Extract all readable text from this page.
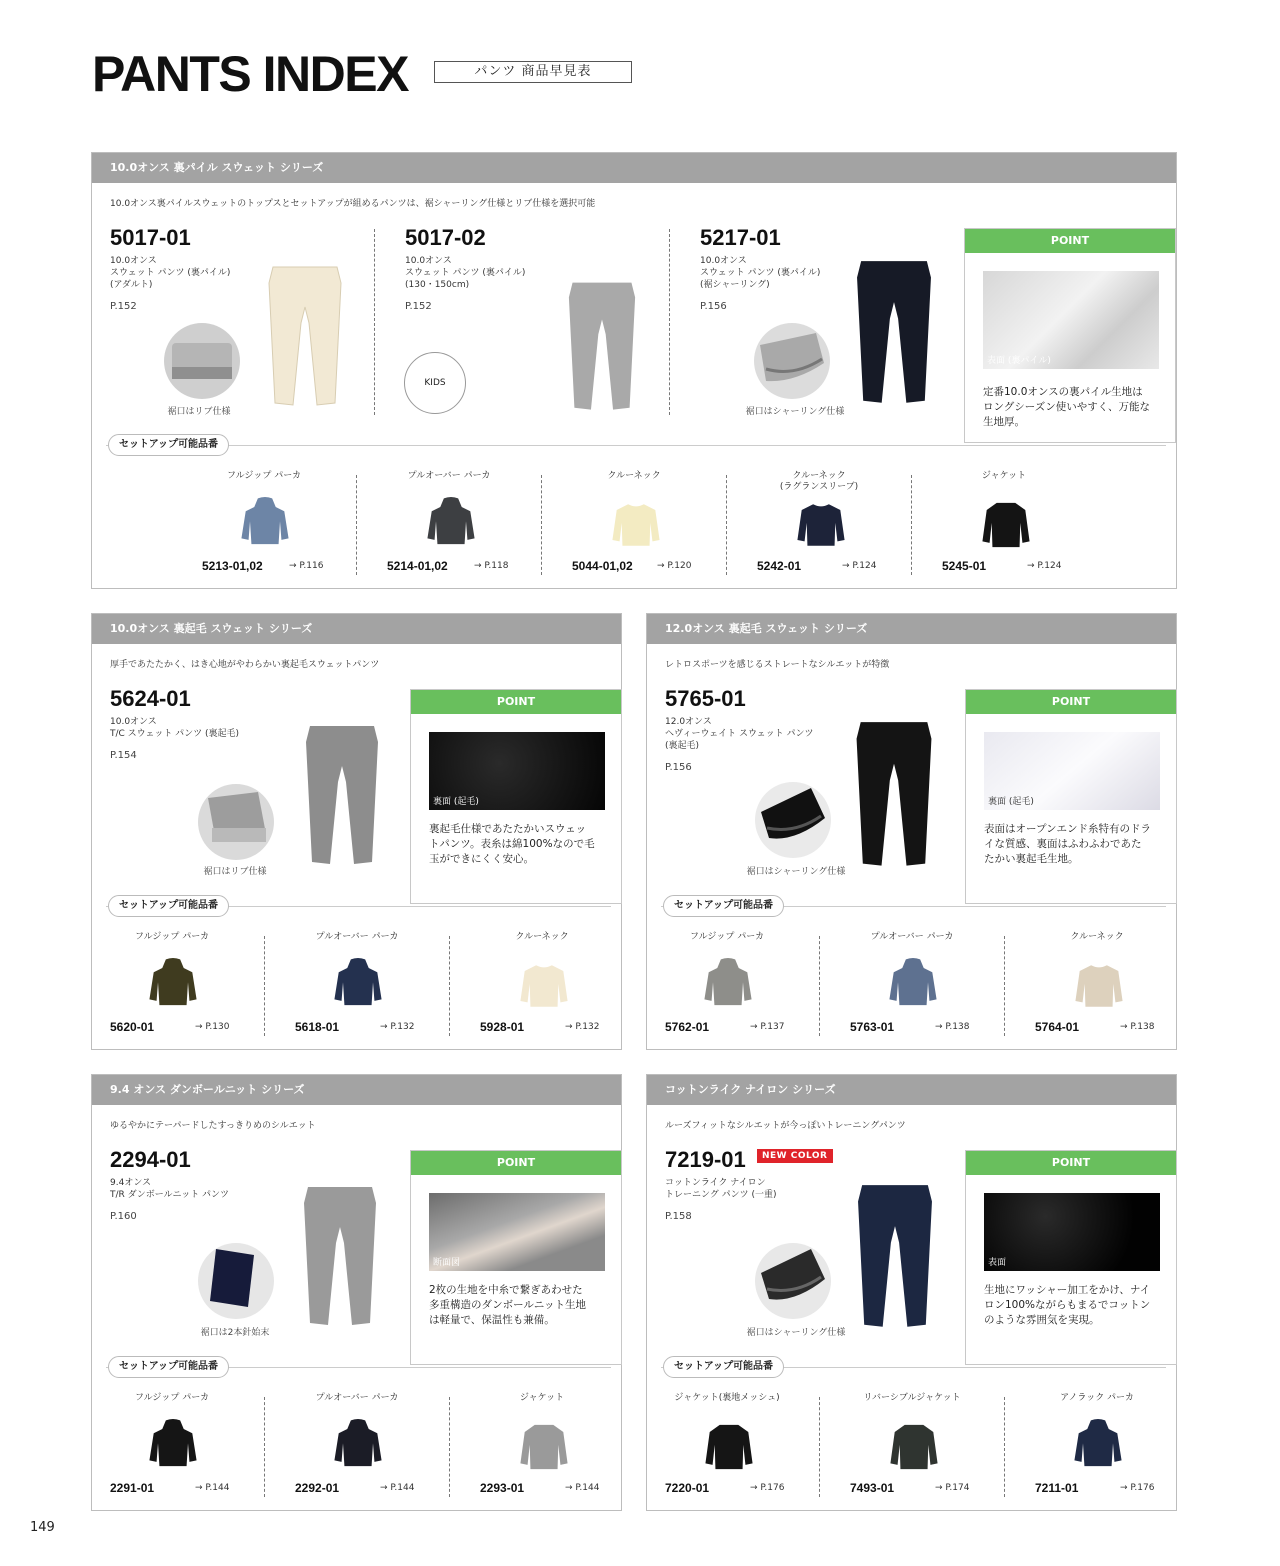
PANTS INDEX	パンツ 商品早見表
10.0オンス 裏パイル スウェット シリーズ
10.0オンス裏パイルスウェットのトップスとセットアップが組めるパンツは、裾シャーリング仕様とリブ仕様を選択可能
5017-01
10.0オンス
スウェット パンツ (裏パイル)
(アダルト)
P.152
裾口はリブ仕様
5017-02
10.0オンス
スウェット パンツ (裏パイル)
(130・150cm)
P.152
KIDS
5217-01
10.0オンス
スウェット パンツ (裏パイル)
(裾シャーリング)
P.156
裾口はシャーリング仕様
POINT
表面 (裏パイル)
定番10.0オンスの裏パイル生地は
ロングシーズン使いやすく、万能な
生地厚。
セットアップ可能品番
フルジップ パーカ
5213-01,02	→ P.116
プルオーバー パーカ
5214-01,02	→ P.118
クルーネック
5044-01,02	→ P.120
クルーネック
(ラグランスリーブ)
5242-01	→ P.124
ジャケット
5245-01	→ P.124
10.0オンス 裏起毛 スウェット シリーズ
厚手であたたかく、はき心地がやわらかい裏起毛スウェットパンツ
5624-01
10.0オンス
T/C スウェット パンツ (裏起毛)
P.154
裾口はリブ仕様
POINT
裏面 (起毛)
裏起毛仕様であたたかいスウェッ
トパンツ。表糸は綿100%なので毛
玉ができにくく安心。
セットアップ可能品番
フルジップ パーカ
5620-01	→ P.130
プルオーバー パーカ
5618-01	→ P.132
クルーネック
5928-01	→ P.132
12.0オンス 裏起毛 スウェット シリーズ
レトロスポーツを感じるストレートなシルエットが特徴
5765-01
12.0オンス
ヘヴィーウェイト スウェット パンツ
(裏起毛)
P.156
裾口はシャーリング仕様
POINT
裏面 (起毛)
表面はオープンエンド糸特有のドラ
イな質感、裏面はふわふわであた
たかい裏起毛生地。
セットアップ可能品番
フルジップ パーカ
5762-01	→ P.137
プルオーバー パーカ
5763-01	→ P.138
クルーネック
5764-01	→ P.138
9.4 オンス ダンボールニット シリーズ
ゆるやかにテーパードしたすっきりめのシルエット
2294-01
9.4オンス
T/R ダンボールニット パンツ
P.160
裾口は2本針始末
POINT
断面図
2枚の生地を中糸で繋ぎあわせた
多重構造のダンボールニット生地
は軽量で、保温性も兼備。
セットアップ可能品番
フルジップ パーカ
2291-01	→ P.144
プルオーバー パーカ
2292-01	→ P.144
ジャケット
2293-01	→ P.144
コットンライク ナイロン シリーズ
ルーズフィットなシルエットが今っぽいトレーニングパンツ
7219-01	NEW COLOR
コットンライク ナイロン
トレーニング パンツ (一重)
P.158
裾口はシャーリング仕様
POINT
表面
生地にワッシャー加工をかけ、ナイ
ロン100%ながらもまるでコットン
のような雰囲気を実現。
セットアップ可能品番
ジャケット(裏地メッシュ)
7220-01	→ P.176
リバーシブルジャケット
7493-01	→ P.174
アノラック パーカ
7211-01	→ P.176
149
